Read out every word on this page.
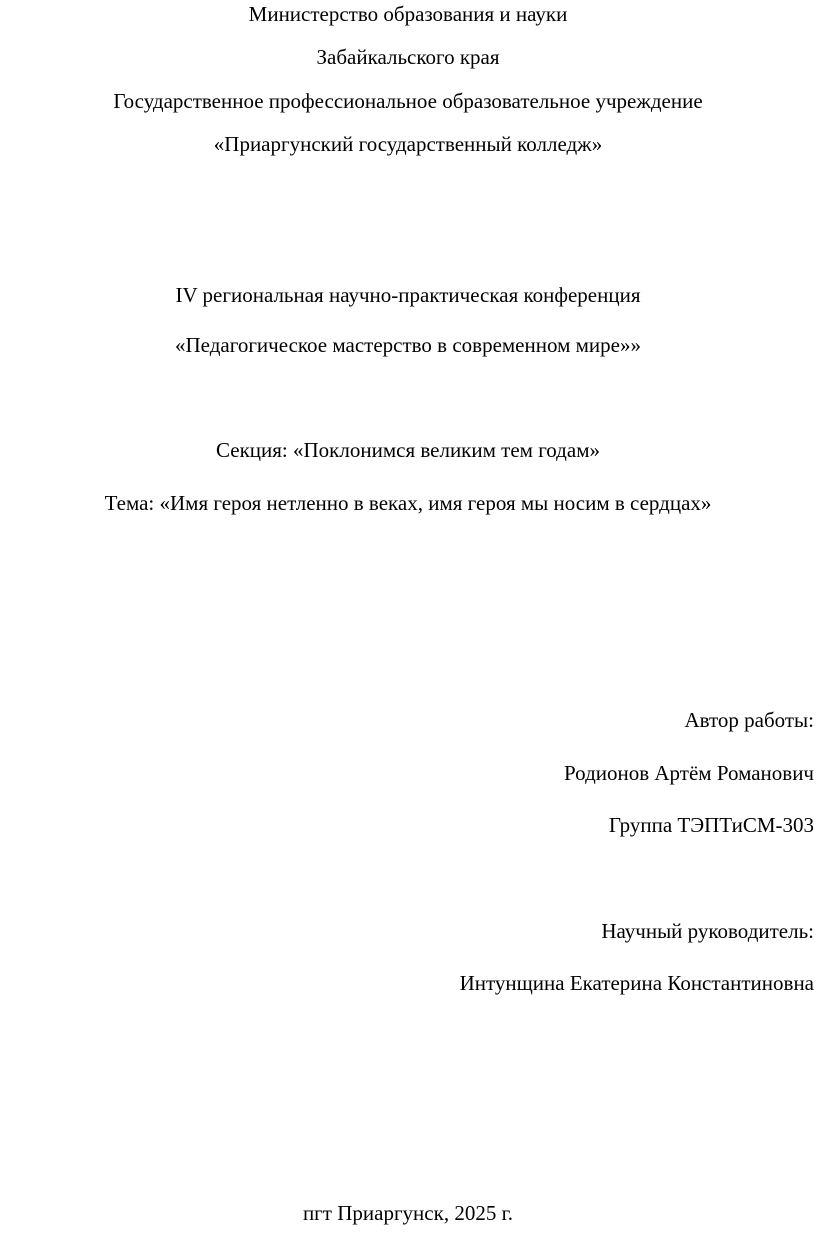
Министерство образования и науки
Забайкальского края
Государственное профессиональное образовательное учреждение
«Приаргунский государственный колледж»
IV региональная научно-практическая конференция
«Педагогическое мастерство в современном мире»»
Секция: «Поклонимся великим тем годам»
Тема: «Имя героя нетленно в веках, имя героя мы носим в сердцах»
Автор работы:
Родионов Артём Романович
Группа ТЭПТиСМ-303
Научный руководитель:
Интунщина Екатерина Константиновна
пгт Приаргунск, 2025 г.
